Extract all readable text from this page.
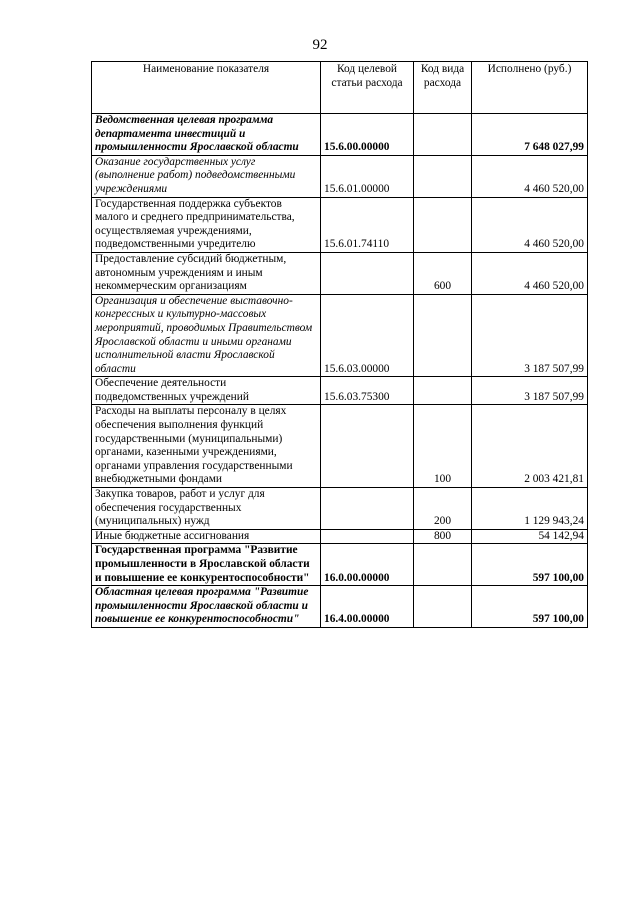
92
Наименование показателя	Код целевой статьи расхода	Код вида расхода	Исполнено (руб.)
Ведомственная целевая программа департамента инвестиций и промышленности Ярославской области	15.6.00.00000		7 648 027,99
Оказание государственных услуг (выполнение работ) подведомственными учреждениями	15.6.01.00000		4 460 520,00
Государственная поддержка субъектов малого и среднего предпринимательства, осуществляемая учреждениями, подведомственными учредителю	15.6.01.74110		4 460 520,00
Предоставление субсидий бюджетным, автономным учреждениям и иным некоммерческим организациям		600	4 460 520,00
Организация и обеспечение выставочно-конгрессных и культурно-массовых мероприятий, проводимых Правительством Ярославской области и иными органами исполнительной власти Ярославской области	15.6.03.00000		3 187 507,99
Обеспечение деятельности подведомственных учреждений	15.6.03.75300		3 187 507,99
Расходы на выплаты персоналу в целях обеспечения выполнения функций государственными (муниципальными) органами, казенными учреждениями, органами управления государственными внебюджетными фондами		100	2 003 421,81
Закупка товаров, работ и услуг для обеспечения государственных (муниципальных) нужд		200	1 129 943,24
Иные бюджетные ассигнования		800	54 142,94
Государственная программа "Развитие промышленности в Ярославской области и повышение ее конкурентоспособности"	16.0.00.00000		597 100,00
Областная целевая программа "Развитие промышленности Ярославской области и повышение ее конкурентоспособности"	16.4.00.00000		597 100,00
